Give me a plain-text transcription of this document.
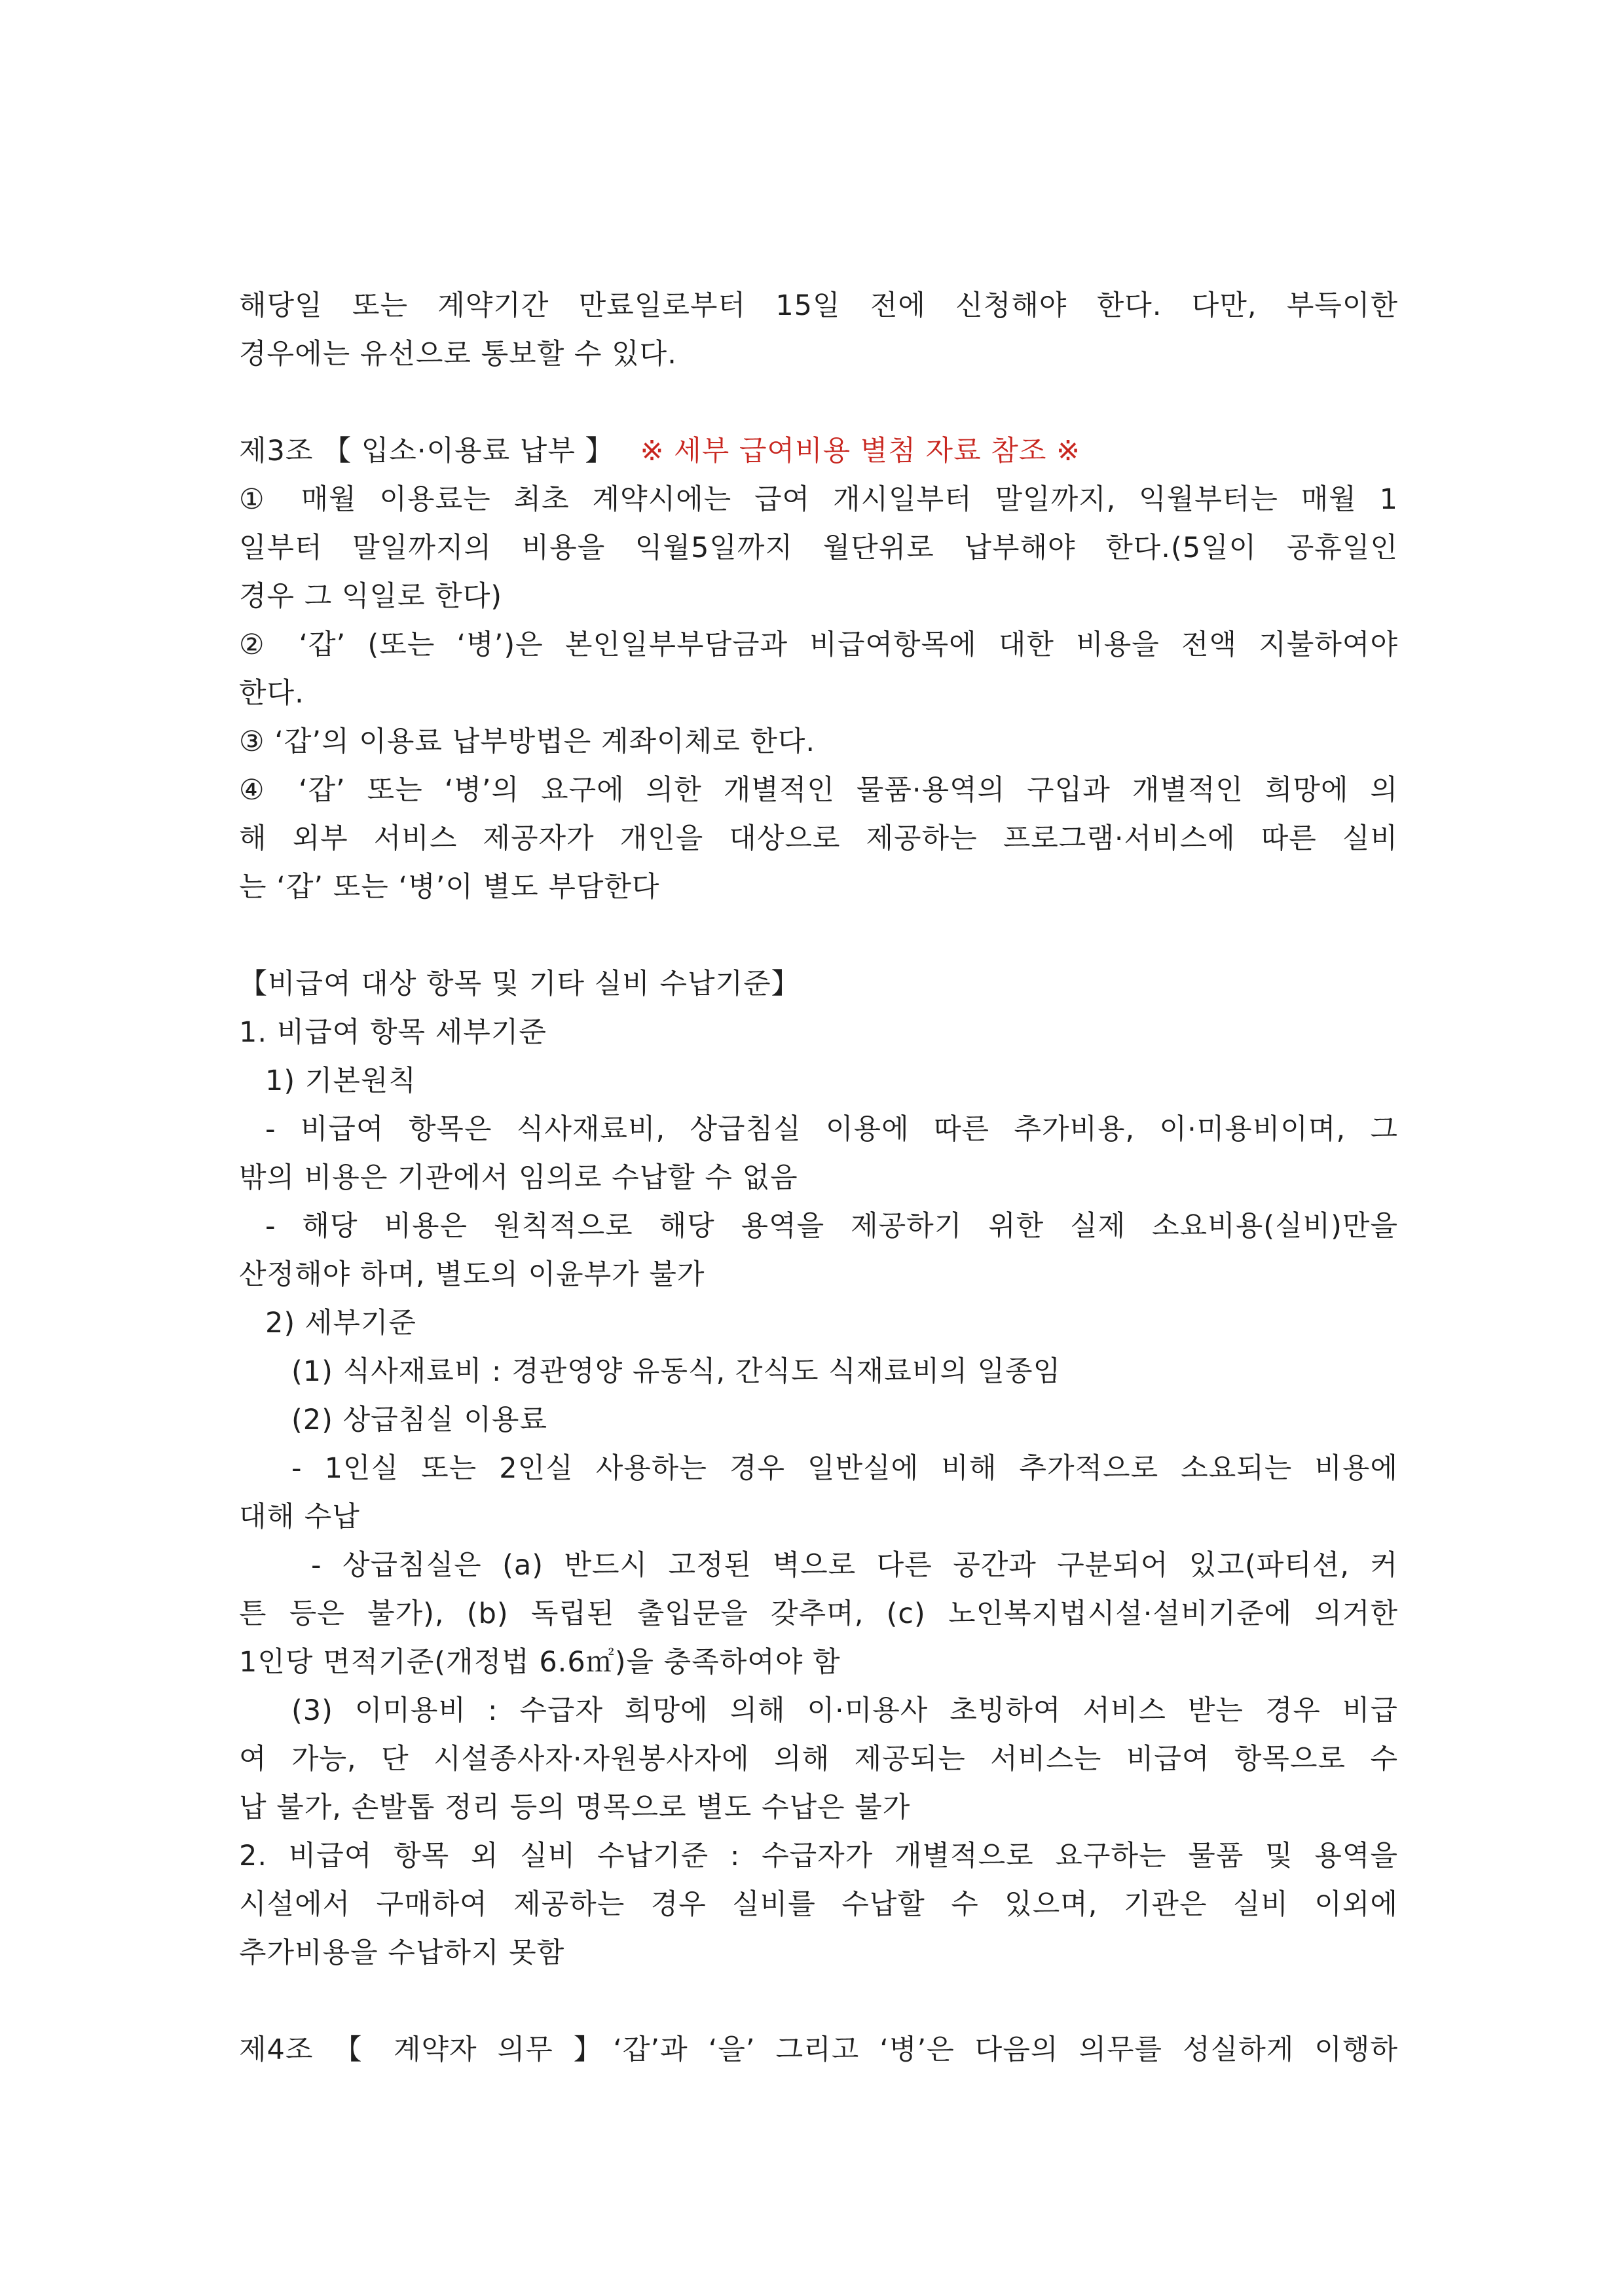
해당일 또는 계약기간 만료일로부터 15일 전에 신청해야 한다. 다만, 부득이한
경우에는 유선으로 통보할 수 있다.
제3조 【 입소·이용료 납부 】 ※ 세부 급여비용 별첨 자료 참조 ※
① 매월 이용료는 최초 계약시에는 급여 개시일부터 말일까지, 익월부터는 매월 1
일부터 말일까지의 비용을 익월5일까지 월단위로 납부해야 한다.(5일이 공휴일인
경우 그 익일로 한다)
② ‘갑’ (또는 ‘병’)은 본인일부부담금과 비급여항목에 대한 비용을 전액 지불하여야
한다.
③ ‘갑’의 이용료 납부방법은 계좌이체로 한다.
④ ‘갑’ 또는 ‘병’의 요구에 의한 개별적인 물품·용역의 구입과 개별적인 희망에 의
해 외부 서비스 제공자가 개인을 대상으로 제공하는 프로그램·서비스에 따른 실비
는 ‘갑’ 또는 ‘병’이 별도 부담한다
【비급여 대상 항목 및 기타 실비 수납기준】
1. 비급여 항목 세부기준
1) 기본원칙
- 비급여 항목은 식사재료비, 상급침실 이용에 따른 추가비용, 이·미용비이며, 그
밖의 비용은 기관에서 임의로 수납할 수 없음
- 해당 비용은 원칙적으로 해당 용역을 제공하기 위한 실제 소요비용(실비)만을
산정해야 하며, 별도의 이윤부가 불가
2) 세부기준
(1) 식사재료비 : 경관영양 유동식, 간식도 식재료비의 일종임
(2) 상급침실 이용료
- 1인실 또는 2인실 사용하는 경우 일반실에 비해 추가적으로 소요되는 비용에
대해 수납
- 상급침실은 (a) 반드시 고정된 벽으로 다른 공간과 구분되어 있고(파티션, 커
튼 등은 불가), (b) 독립된 출입문을 갖추며, (c) 노인복지법시설·설비기준에 의거한
1인당 면적기준(개정법 6.6㎡)을 충족하여야 함
(3) 이미용비 : 수급자 희망에 의해 이·미용사 초빙하여 서비스 받는 경우 비급
여 가능, 단 시설종사자·자원봉사자에 의해 제공되는 서비스는 비급여 항목으로 수
납 불가, 손발톱 정리 등의 명목으로 별도 수납은 불가
2. 비급여 항목 외 실비 수납기준 : 수급자가 개별적으로 요구하는 물품 및 용역을
시설에서 구매하여 제공하는 경우 실비를 수납할 수 있으며, 기관은 실비 이외에
추가비용을 수납하지 못함
제4조 【 계약자 의무 】‘갑’과 ‘을’ 그리고 ‘병’은 다음의 의무를 성실하게 이행하
